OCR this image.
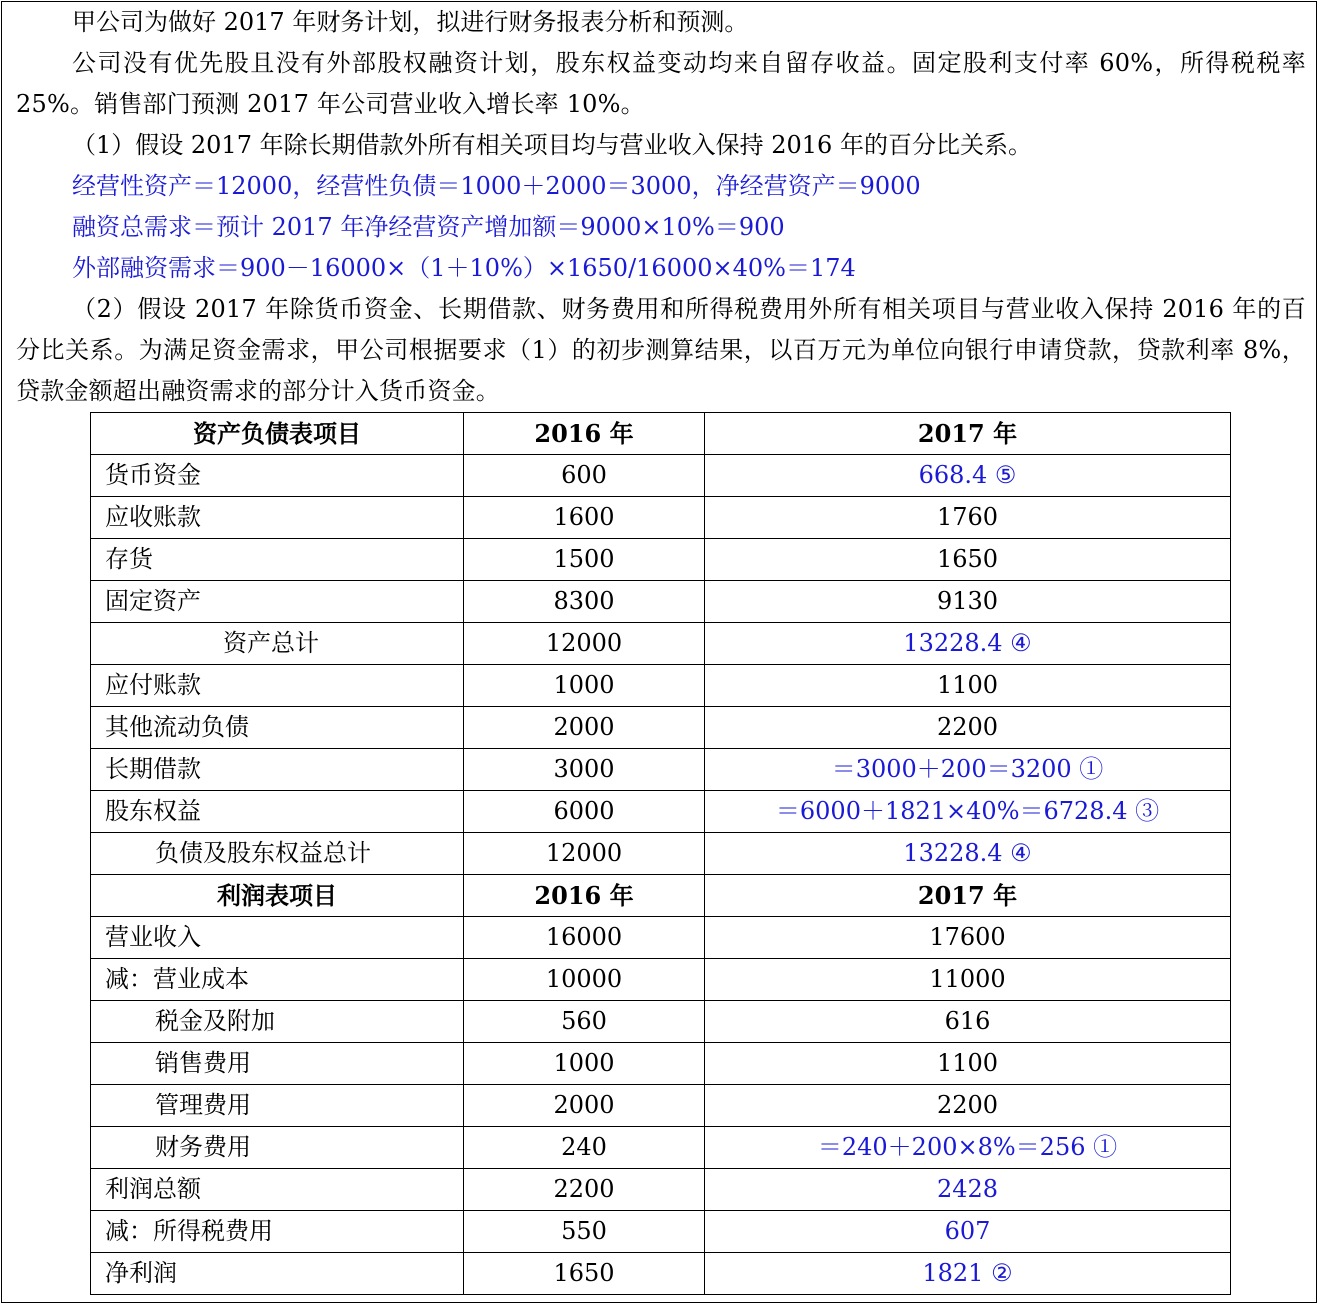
甲公司为做好 2017 年财务计划，拟进行财务报表分析和预测。

公司没有优先股且没有外部股权融资计划，股东权益变动均来自留存收益。固定股利支付率 60%，所得税税率 25%。销售部门预测 2017 年公司营业收入增长率 10%。

（1）假设 2017 年除长期借款外所有相关项目均与营业收入保持 2016 年的百分比关系。

经营性资产＝12000，经营性负债＝1000＋2000＝3000，净经营资产＝9000

融资总需求＝预计 2017 年净经营资产增加额＝9000×10%＝900

外部融资需求＝900－16000×（1＋10%）×1650/16000×40%＝174

（2）假设 2017 年除货币资金、长期借款、财务费用和所得税费用外所有相关项目与营业收入保持 2016 年的百分比关系。为满足资金需求，甲公司根据要求（1）的初步测算结果，以百万元为单位向银行申请贷款，贷款利率 8%，贷款金额超出融资需求的部分计入货币资金。

资产负债表项目	2016 年	2017 年
货币资金	600	668.4 ⑤
应收账款	1600	1760
存货	1500	1650
固定资产	8300	9130
资产总计	12000	13228.4 ④
应付账款	1000	1100
其他流动负债	2000	2200
长期借款	3000	＝3000＋200＝3200 ①
股东权益	6000	＝6000＋1821×40%＝6728.4 ③
负债及股东权益总计	12000	13228.4 ④
利润表项目	2016 年	2017 年
营业收入	16000	17600
减：营业成本	10000	11000
税金及附加	560	616
销售费用	1000	1100
管理费用	2000	2200
财务费用	240	＝240＋200×8%＝256 ①
利润总额	2200	2428
减：所得税费用	550	607
净利润	1650	1821 ②
